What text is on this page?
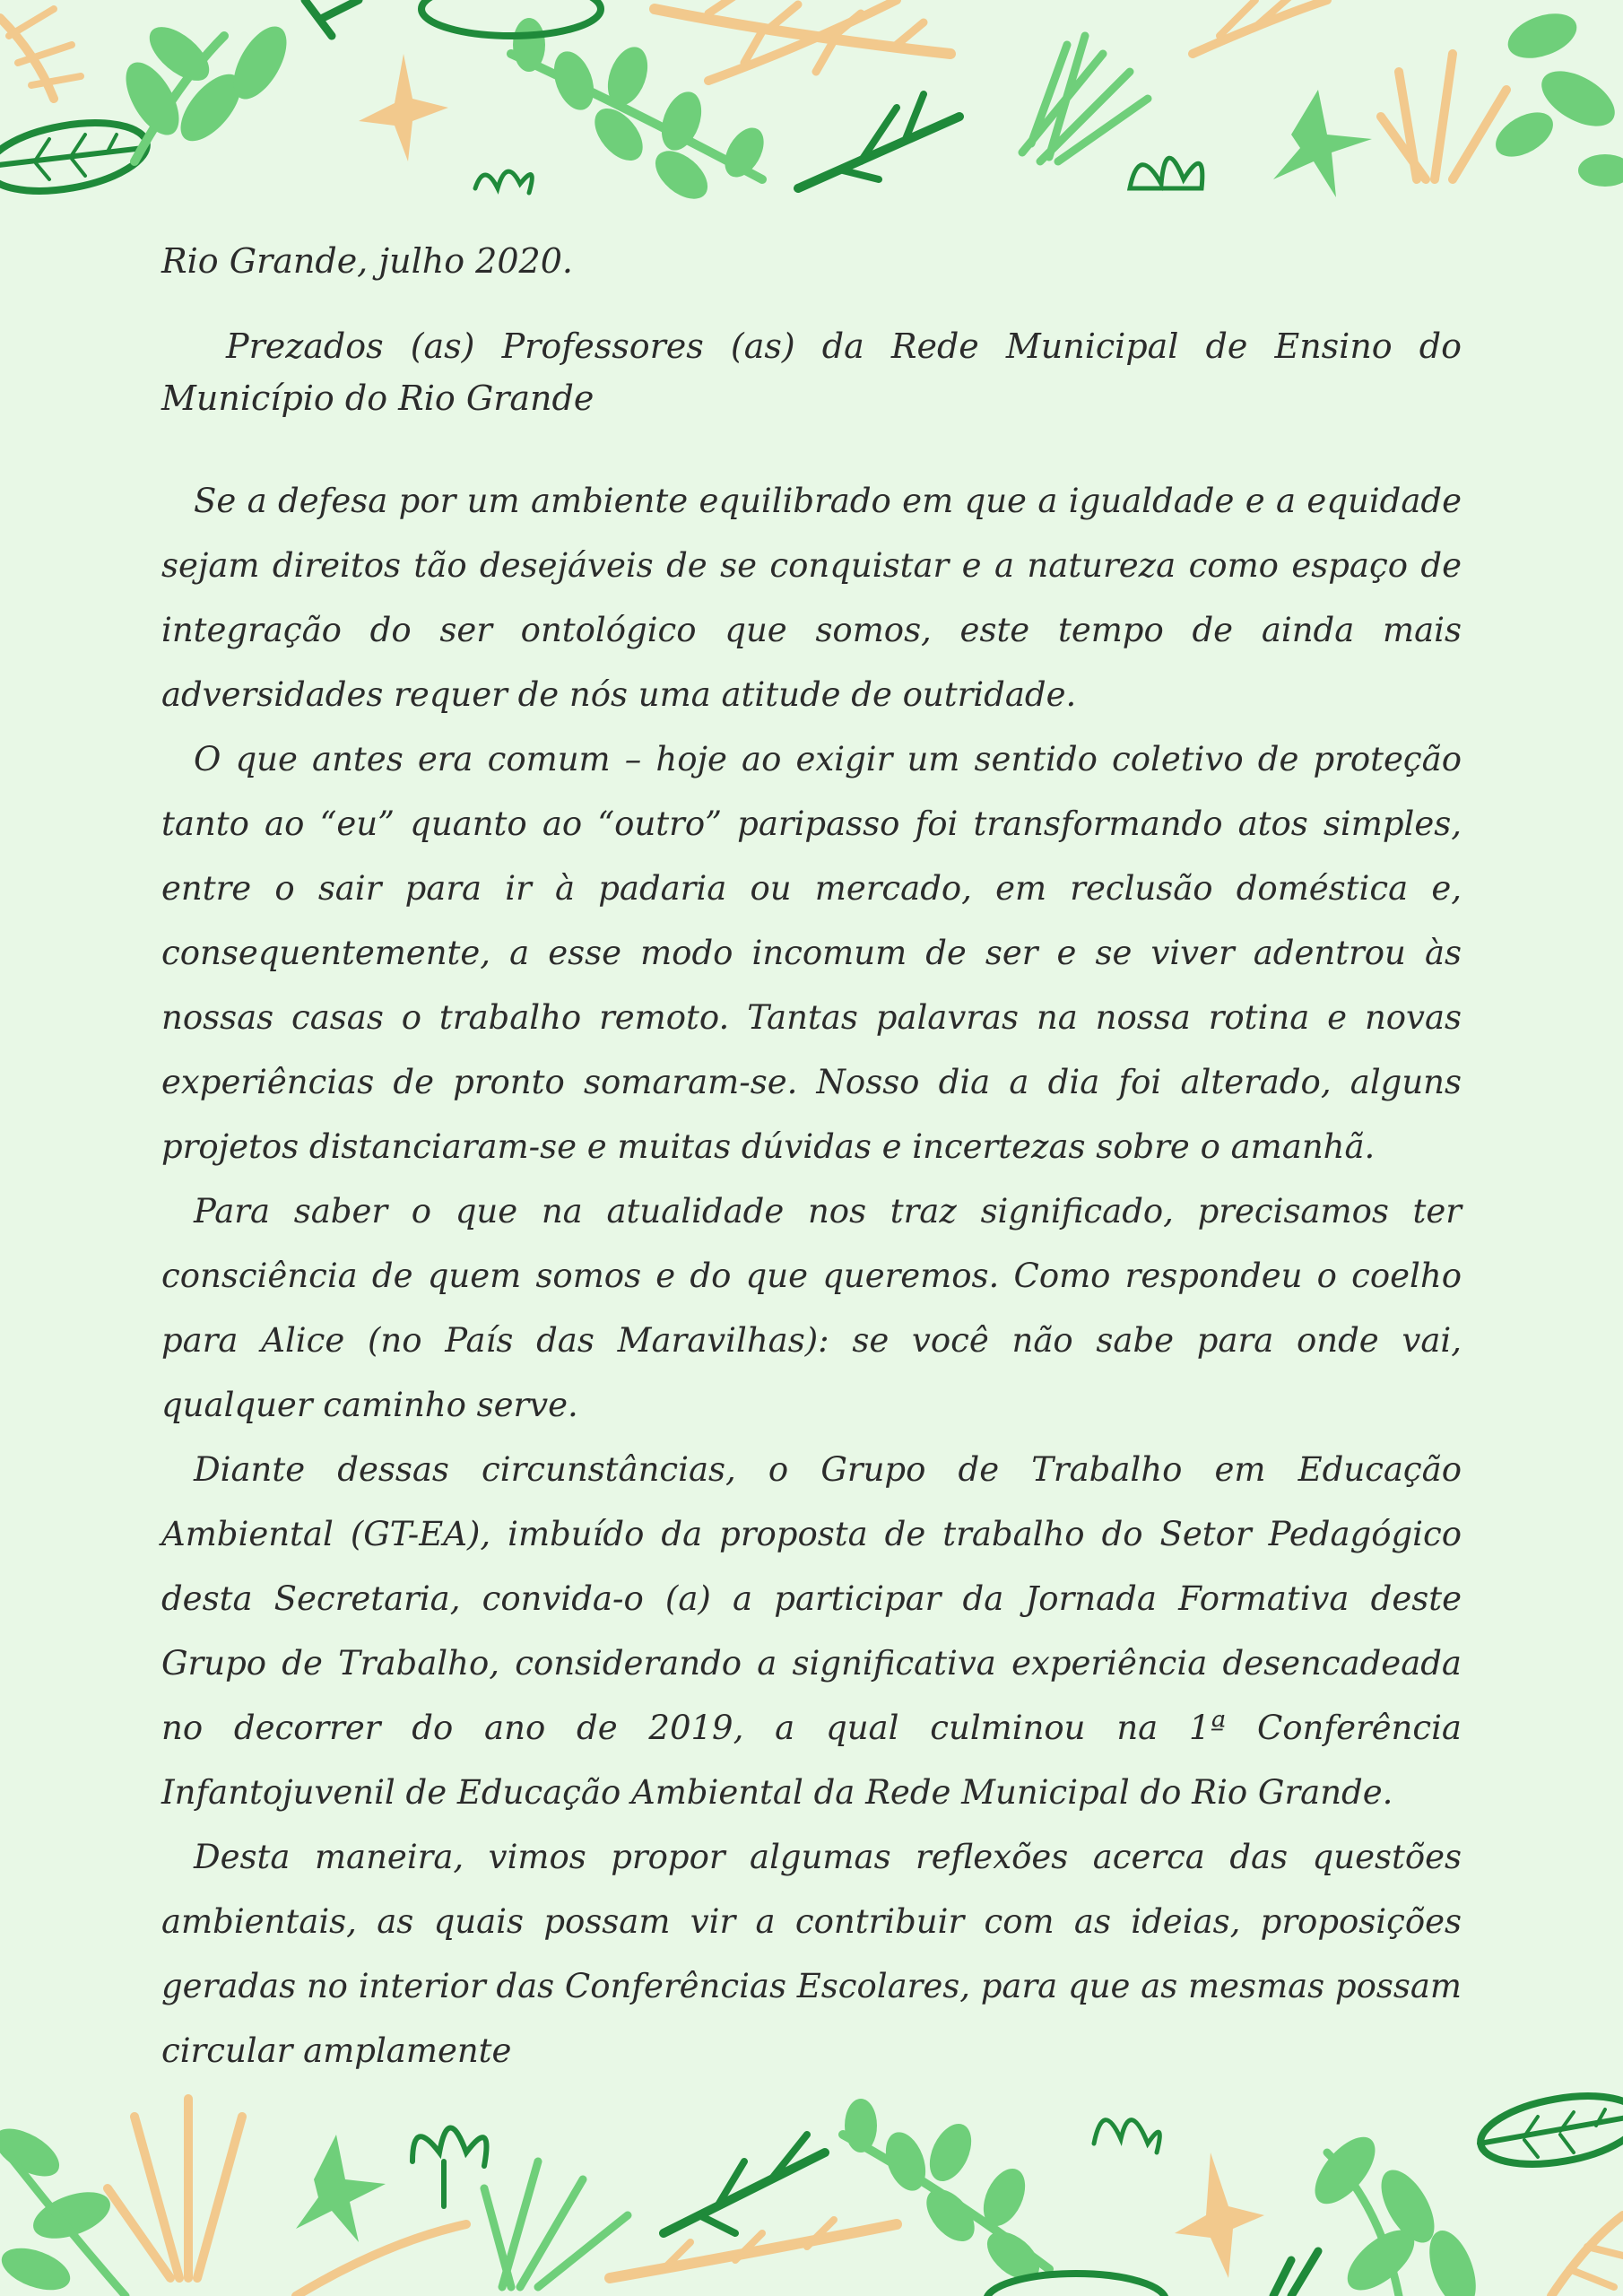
Rio Grande, julho 2020.

Prezados (as) Professores (as) da Rede Municipal de Ensino do Município do Rio Grande

Se a defesa por um ambiente equilibrado em que a igualdade e a equidade sejam direitos tão desejáveis de se conquistar e a natureza como espaço de integração do ser ontológico que somos, este tempo de ainda mais adversidades requer de nós uma atitude de outridade.

O que antes era comum – hoje ao exigir um sentido coletivo de proteção tanto ao “eu” quanto ao “outro” paripasso foi transformando atos simples, entre o sair para ir à padaria ou mercado, em reclusão doméstica e, consequentemente, a esse modo incomum de ser e se viver adentrou às nossas casas o trabalho remoto. Tantas palavras na nossa rotina e novas experiências de pronto somaram-se. Nosso dia a dia foi alterado, alguns projetos distanciaram-se e muitas dúvidas e incertezas sobre o amanhã.

Para saber o que na atualidade nos traz significado, precisamos ter consciência de quem somos e do que queremos. Como respondeu o coelho para Alice (no País das Maravilhas): se você não sabe para onde vai, qualquer caminho serve.

Diante dessas circunstâncias, o Grupo de Trabalho em Educação Ambiental (GT-EA), imbuído da proposta de trabalho do Setor Pedagógico desta Secretaria, convida-o (a) a participar da Jornada Formativa deste Grupo de Trabalho, considerando a significativa experiência desencadeada no decorrer do ano de 2019, a qual culminou na 1ª Conferência Infantojuvenil de Educação Ambiental da Rede Municipal do Rio Grande.

Desta maneira, vimos propor algumas reflexões acerca das questões ambientais, as quais possam vir a contribuir com as ideias, proposições geradas no interior das Conferências Escolares, para que as mesmas possam circular amplamente
